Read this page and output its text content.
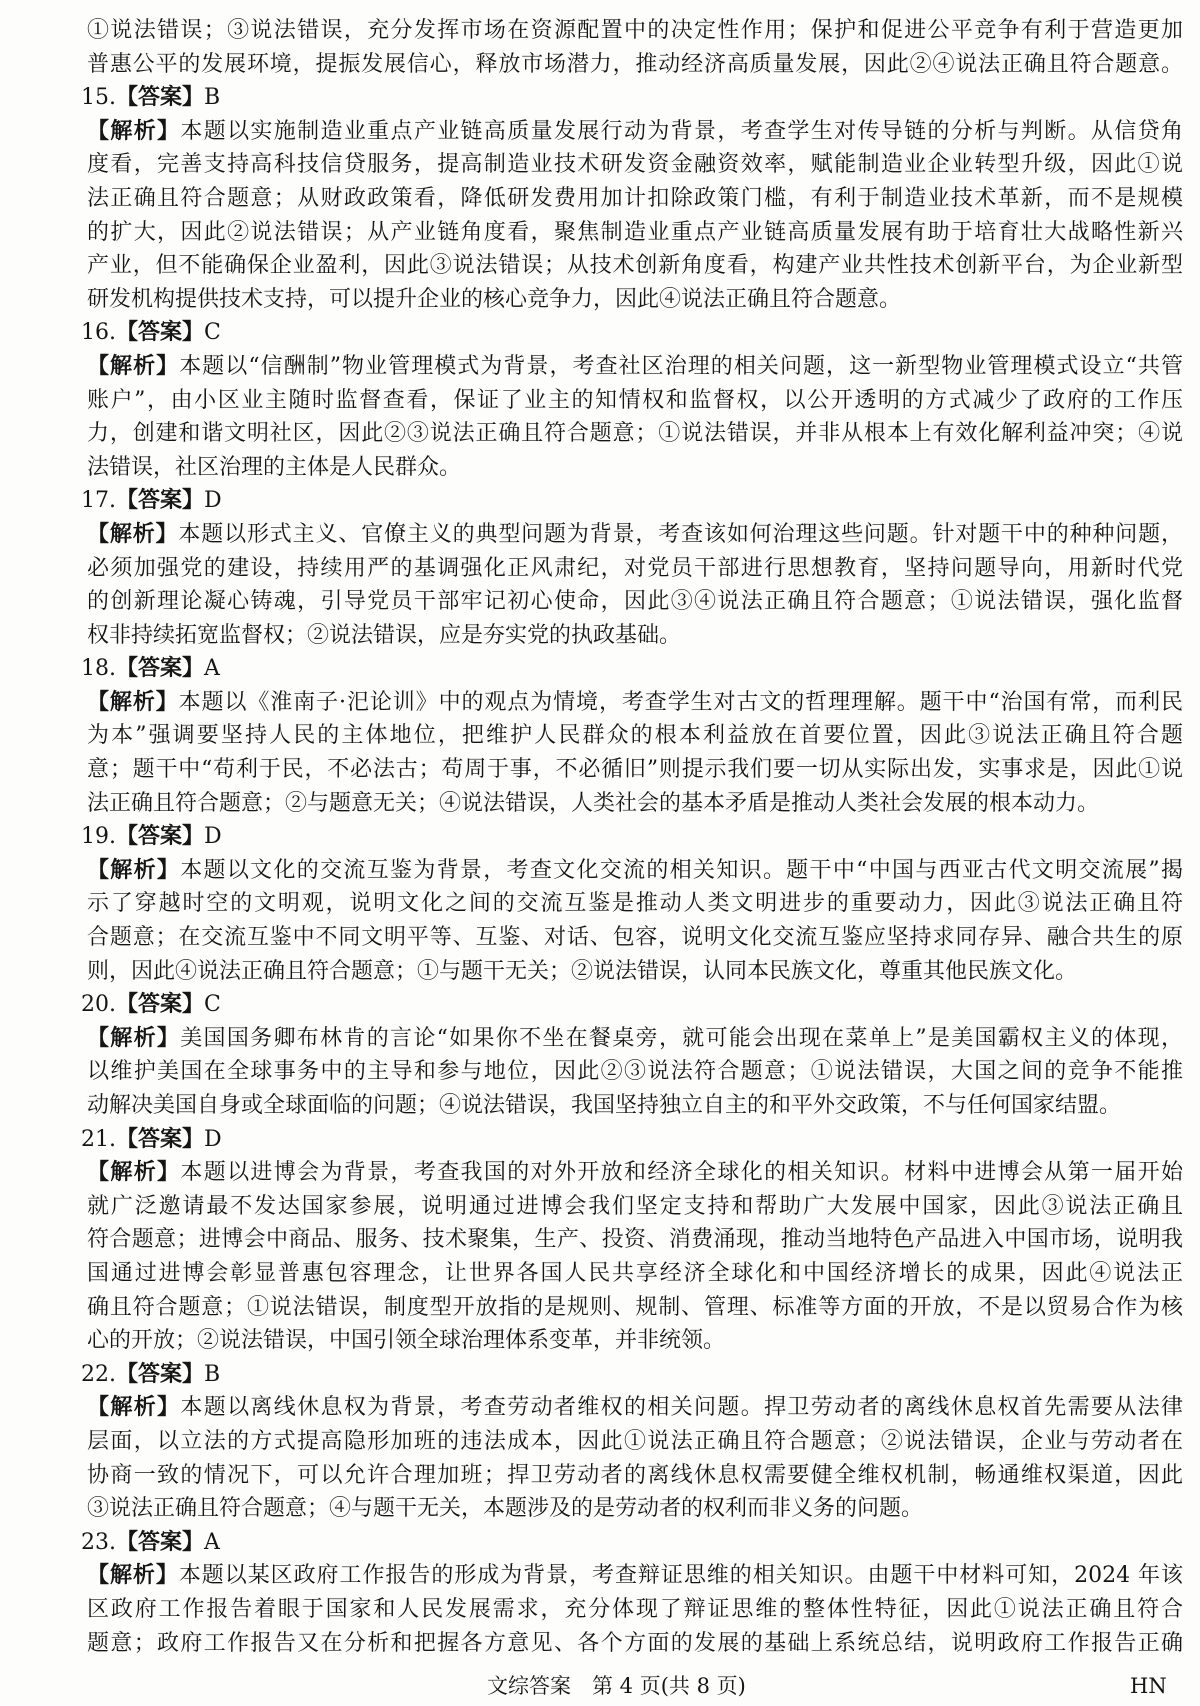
①说法错误；③说法错误，充分发挥市场在资源配置中的决定性作用；保护和促进公平竞争有利于营造更加
普惠公平的发展环境，提振发展信心，释放市场潜力，推动经济高质量发展，因此②④说法正确且符合题意。
15.【答案】B
【解析】本题以实施制造业重点产业链高质量发展行动为背景，考查学生对传导链的分析与判断。从信贷角
度看，完善支持高科技信贷服务，提高制造业技术研发资金融资效率，赋能制造业企业转型升级，因此①说
法正确且符合题意；从财政政策看，降低研发费用加计扣除政策门槛，有利于制造业技术革新，而不是规模
的扩大，因此②说法错误；从产业链角度看，聚焦制造业重点产业链高质量发展有助于培育壮大战略性新兴
产业，但不能确保企业盈利，因此③说法错误；从技术创新角度看，构建产业共性技术创新平台，为企业新型
研发机构提供技术支持，可以提升企业的核心竞争力，因此④说法正确且符合题意。
16.【答案】C
【解析】本题以“信酬制”物业管理模式为背景，考查社区治理的相关问题，这一新型物业管理模式设立“共管
账户”，由小区业主随时监督查看，保证了业主的知情权和监督权，以公开透明的方式减少了政府的工作压
力，创建和谐文明社区，因此②③说法正确且符合题意；①说法错误，并非从根本上有效化解利益冲突；④说
法错误，社区治理的主体是人民群众。
17.【答案】D
【解析】本题以形式主义、官僚主义的典型问题为背景，考查该如何治理这些问题。针对题干中的种种问题，
必须加强党的建设，持续用严的基调强化正风肃纪，对党员干部进行思想教育，坚持问题导向，用新时代党
的创新理论凝心铸魂，引导党员干部牢记初心使命，因此③④说法正确且符合题意；①说法错误，强化监督
权非持续拓宽监督权；②说法错误，应是夯实党的执政基础。
18.【答案】A
【解析】本题以《淮南子·汜论训》中的观点为情境，考查学生对古文的哲理理解。题干中“治国有常，而利民
为本”强调要坚持人民的主体地位，把维护人民群众的根本利益放在首要位置，因此③说法正确且符合题
意；题干中“苟利于民，不必法古；苟周于事，不必循旧”则提示我们要一切从实际出发，实事求是，因此①说
法正确且符合题意；②与题意无关；④说法错误，人类社会的基本矛盾是推动人类社会发展的根本动力。
19.【答案】D
【解析】本题以文化的交流互鉴为背景，考查文化交流的相关知识。题干中“中国与西亚古代文明交流展”揭
示了穿越时空的文明观，说明文化之间的交流互鉴是推动人类文明进步的重要动力，因此③说法正确且符
合题意；在交流互鉴中不同文明平等、互鉴、对话、包容，说明文化交流互鉴应坚持求同存异、融合共生的原
则，因此④说法正确且符合题意；①与题干无关；②说法错误，认同本民族文化，尊重其他民族文化。
20.【答案】C
【解析】美国国务卿布林肯的言论“如果你不坐在餐桌旁，就可能会出现在菜单上”是美国霸权主义的体现，
以维护美国在全球事务中的主导和参与地位，因此②③说法符合题意；①说法错误，大国之间的竞争不能推
动解决美国自身或全球面临的问题；④说法错误，我国坚持独立自主的和平外交政策，不与任何国家结盟。
21.【答案】D
【解析】本题以进博会为背景，考查我国的对外开放和经济全球化的相关知识。材料中进博会从第一届开始
就广泛邀请最不发达国家参展，说明通过进博会我们坚定支持和帮助广大发展中国家，因此③说法正确且
符合题意；进博会中商品、服务、技术聚集，生产、投资、消费涌现，推动当地特色产品进入中国市场，说明我
国通过进博会彰显普惠包容理念，让世界各国人民共享经济全球化和中国经济增长的成果，因此④说法正
确且符合题意；①说法错误，制度型开放指的是规则、规制、管理、标准等方面的开放，不是以贸易合作为核
心的开放；②说法错误，中国引领全球治理体系变革，并非统领。
22.【答案】B
【解析】本题以离线休息权为背景，考查劳动者维权的相关问题。捍卫劳动者的离线休息权首先需要从法律
层面，以立法的方式提高隐形加班的违法成本，因此①说法正确且符合题意；②说法错误，企业与劳动者在
协商一致的情况下，可以允许合理加班；捍卫劳动者的离线休息权需要健全维权机制，畅通维权渠道，因此
③说法正确且符合题意；④与题干无关，本题涉及的是劳动者的权利而非义务的问题。
23.【答案】A
【解析】本题以某区政府工作报告的形成为背景，考查辩证思维的相关知识。由题干中材料可知，2024 年该
区政府工作报告着眼于国家和人民发展需求，充分体现了辩证思维的整体性特征，因此①说法正确且符合
题意；政府工作报告又在分析和把握各方意见、各个方面的发展的基础上系统总结，说明政府工作报告正确
文综答案　 第 4 页(共 8 页)	HN
